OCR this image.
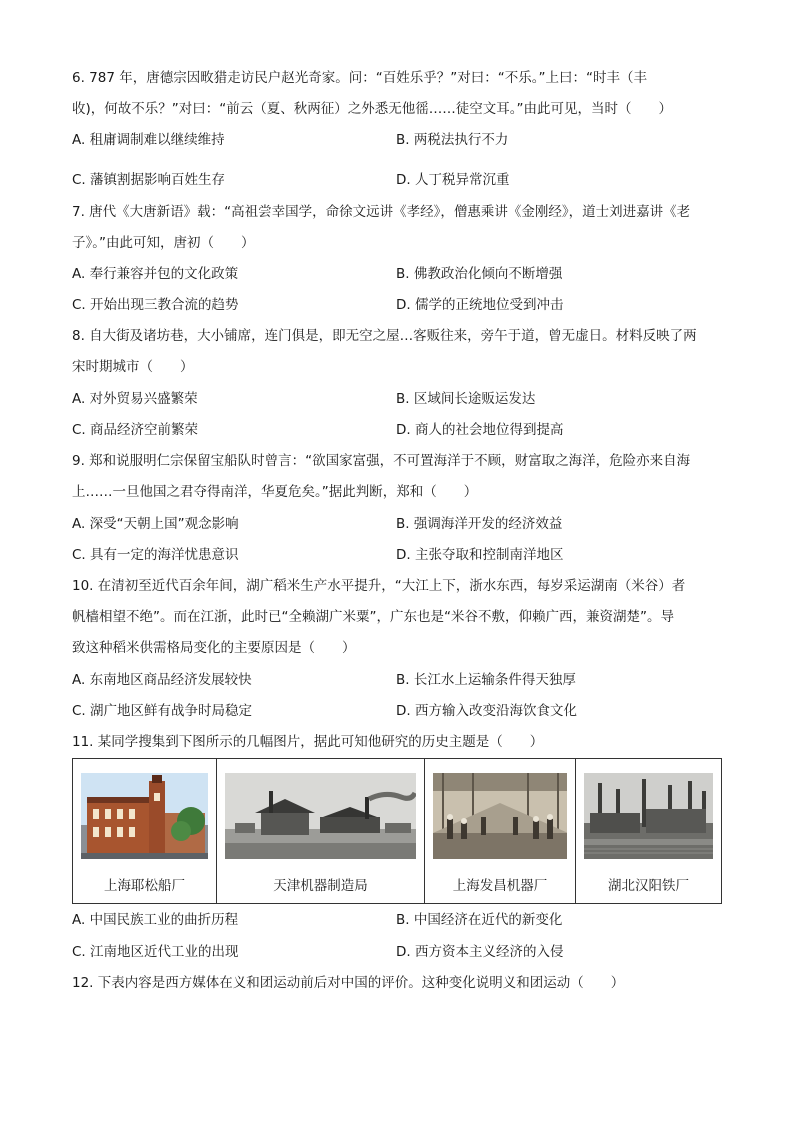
6. 787 年，唐德宗因畋猎走访民户赵光奇家。问：“百姓乐乎？”对曰：“不乐。”上曰：“时丰（丰
收)，何故不乐？”对曰：“前云（夏、秋两征）之外悉无他徭……徒空文耳。”由此可见，当时（　　）
A. 租庸调制难以继续维持	B. 两税法执行不力
C. 藩镇割据影响百姓生存	D. 人丁税异常沉重
7. 唐代《大唐新语》载：“高祖尝幸国学，命徐文远讲《孝经》，僧惠乘讲《金刚经》，道士刘进嘉讲《老
子》。”由此可知，唐初（　　）
A. 奉行兼容并包的文化政策	B. 佛教政治化倾向不断增强
C. 开始出现三教合流的趋势	D. 儒学的正统地位受到冲击
8. 自大街及诸坊巷，大小铺席，连门俱是，即无空之屋…客贩往来，旁午于道，曾无虚日。材料反映了两
宋时期城市（　　）
A. 对外贸易兴盛繁荣	B. 区域间长途贩运发达
C. 商品经济空前繁荣	D. 商人的社会地位得到提高
9. 郑和说服明仁宗保留宝船队时曾言：“欲国家富强，不可置海洋于不顾，财富取之海洋，危险亦来自海
上……一旦他国之君夺得南洋，华夏危矣。”据此判断，郑和（　　）
A. 深受“天朝上国”观念影响	B. 强调海洋开发的经济效益
C. 具有一定的海洋忧患意识	D. 主张夺取和控制南洋地区
10. 在清初至近代百余年间，湖广稻米生产水平提升，“大江上下，浙水东西，每岁采运湖南（米谷）者
帆樯相望不绝”。而在江浙，此时已“全赖湖广米粟”，广东也是“米谷不敷，仰赖广西，兼资湖楚”。导
致这种稻米供需格局变化的主要原因是（　　）
A. 东南地区商品经济发展较快	B. 长江水上运输条件得天独厚
C. 湖广地区鲜有战争时局稳定	D. 西方输入改变沿海饮食文化
11. 某同学搜集到下图所示的几幅图片，据此可知他研究的历史主题是（　　）
上海耶松船厂	天津机器制造局	上海发昌机器厂	湖北汉阳铁厂
A. 中国民族工业的曲折历程	B. 中国经济在近代的新变化
C. 江南地区近代工业的出现	D. 西方资本主义经济的入侵
12. 下表内容是西方媒体在义和团运动前后对中国的评价。这种变化说明义和团运动（　　）
